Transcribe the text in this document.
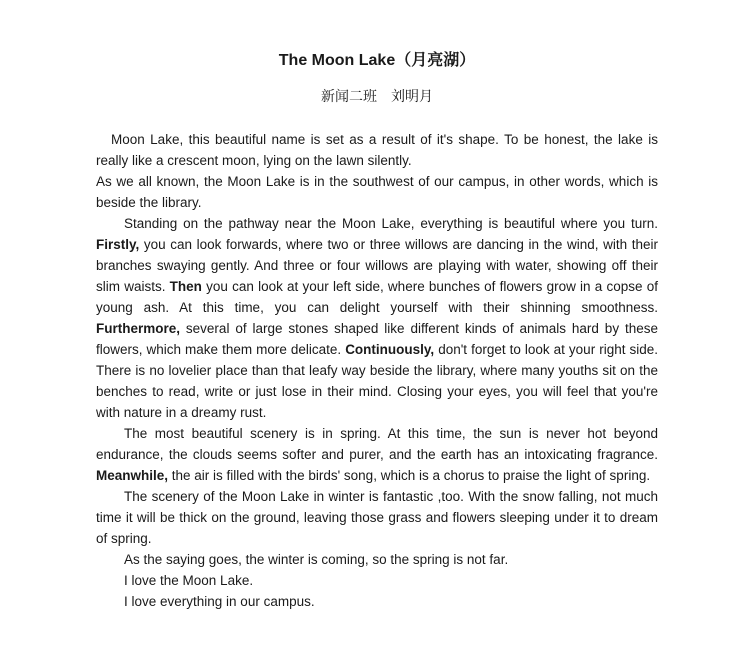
The Moon Lake（月亮湖）
新闻二班　刘明月

Moon Lake, this beautiful name is set as a result of it's shape. To be honest, the lake is really like a crescent moon, lying on the lawn silently.

As we all known, the Moon Lake is in the southwest of our campus, in other words, which is beside the library.

Standing on the pathway near the Moon Lake, everything is beautiful where you turn. Firstly, you can look forwards, where two or three willows are dancing in the wind, with their branches swaying gently. And three or four willows are playing with water, showing off their slim waists. Then you can look at your left side, where bunches of flowers grow in a copse of young ash. At this time, you can delight yourself with their shinning smoothness. Furthermore, several of large stones shaped like different kinds of animals hard by these flowers, which make them more delicate. Continuously, don't forget to look at your right side. There is no lovelier place than that leafy way beside the library, where many youths sit on the benches to read, write or just lose in their mind. Closing your eyes, you will feel that you're with nature in a dreamy rust.

The most beautiful scenery is in spring. At this time, the sun is never hot beyond endurance, the clouds seems softer and purer, and the earth has an intoxicating fragrance. Meanwhile, the air is filled with the birds' song, which is a chorus to praise the light of spring.

The scenery of the Moon Lake in winter is fantastic ,too. With the snow falling, not much time it will be thick on the ground, leaving those grass and flowers sleeping under it to dream of spring.

As the saying goes, the winter is coming, so the spring is not far.

I love the Moon Lake.

I love everything in our campus.
